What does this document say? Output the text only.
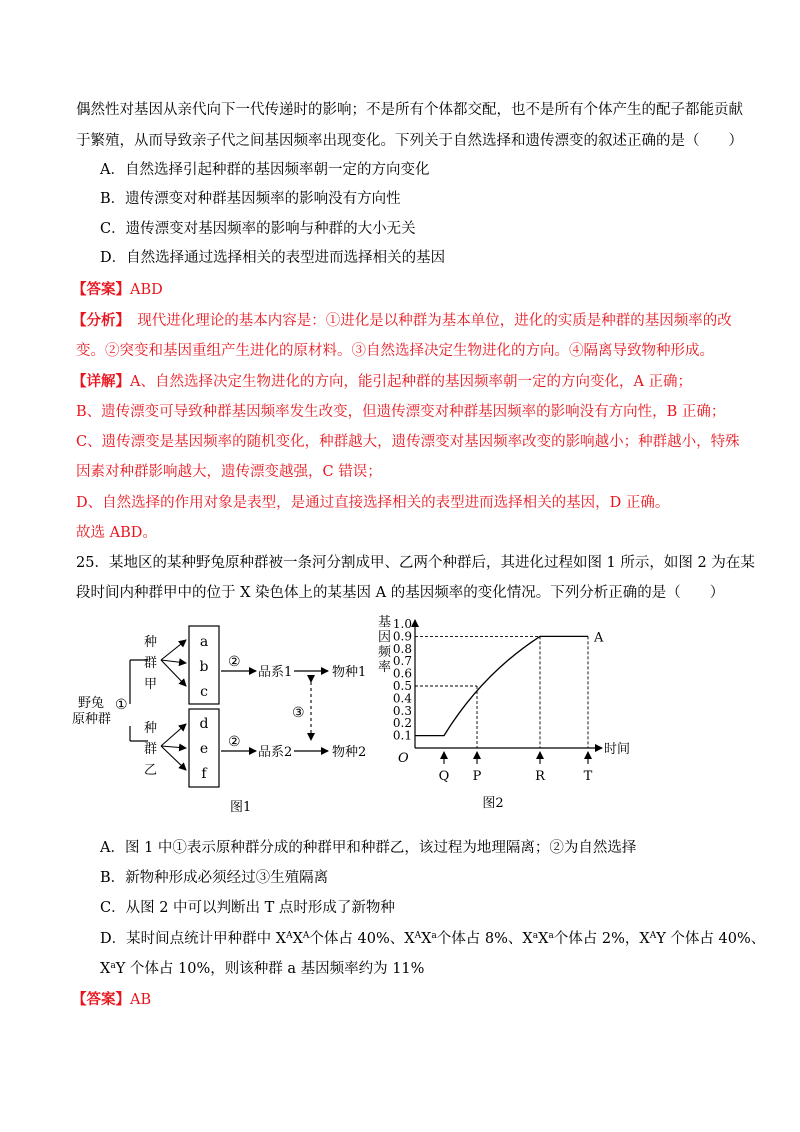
偶然性对基因从亲代向下一代传递时的影响；不是所有个体都交配，也不是所有个体产生的配子都能贡献
于繁殖，从而导致亲子代之间基因频率出现变化。下列关于自然选择和遗传漂变的叙述正确的是（　　）
A．自然选择引起种群的基因频率朝一定的方向变化
B．遗传漂变对种群基因频率的影响没有方向性
C．遗传漂变对基因频率的影响与种群的大小无关
D．自然选择通过选择相关的表型进而选择相关的基因
【答案】ABD
【分析】　现代进化理论的基本内容是：①进化是以种群为基本单位，进化的实质是种群的基因频率的改
变。②突变和基因重组产生进化的原材料。③自然选择决定生物进化的方向。④隔离导致物种形成。
【详解】A、自然选择决定生物进化的方向，能引起种群的基因频率朝一定的方向变化，A 正确；
B、遗传漂变可导致种群基因频率发生改变，但遗传漂变对种群基因频率的影响没有方向性，B 正确；
C、遗传漂变是基因频率的随机变化，种群越大，遗传漂变对基因频率改变的影响越小；种群越小，特殊
因素对种群影响越大，遗传漂变越强，C 错误；
D、自然选择的作用对象是表型，是通过直接选择相关的表型进而选择相关的基因，D 正确。
故选 ABD。
25．某地区的某种野兔原种群被一条河分割成甲、乙两个种群后，其进化过程如图 1 所示，如图 2 为在某
段时间内种群甲中的位于 X 染色体上的某基因 A 的基因频率的变化情况。下列分析正确的是（　　）
野兔
原种群
①
种
群
甲
种
群
乙
a
b
c
d
e
f
②
②
品系1
品系2
物种1
物种2
③
图1
基
因
频
率
1.0
0.9
0.8
0.7
0.6
0.5
0.4
0.3
0.2
0.1
O
时间
A
Q P	R	T
图2
A．图 1 中①表示原种群分成的种群甲和种群乙，该过程为地理隔离；②为自然选择
B．新物种形成必须经过③生殖隔离
C．从图 2 中可以判断出 T 点时形成了新物种
D．某时间点统计甲种群中 $X^AX^A$个体占 40%、$X^AX^a$个体占 8%、$X^aX^a$个体占 2%，$X^AY$ 个体占 40%、
$X^aY$ 个体占 10%，则该种群 a 基因频率约为 11%
【答案】AB
